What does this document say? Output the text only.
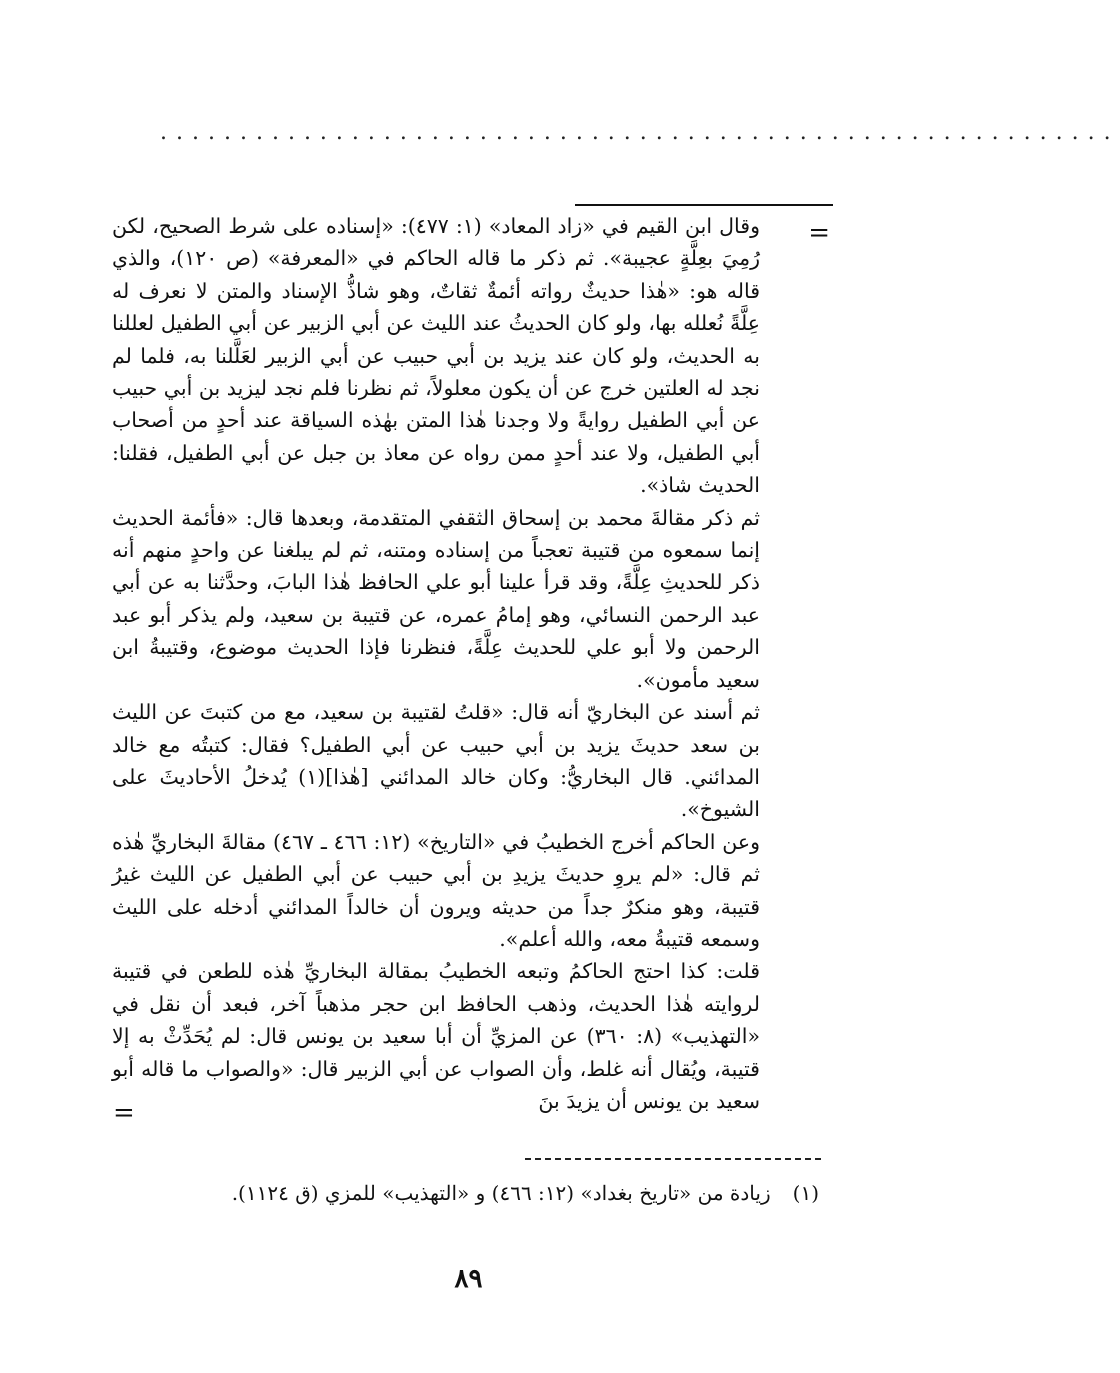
............................................................
=

وقال ابن القيم في «زاد المعاد» (١: ٤٧٧): «إسناده على شرط الصحيح، لكن رُمِيَ بعِلَّةٍ عجيبة». ثم ذكر ما قاله الحاكم في «المعرفة» (ص ١٢٠)، والذي قاله هو: «هٰذا حديثٌ رواته أئمةٌ ثقاتٌ، وهو شاذُّ الإسناد والمتن لا نعرف له عِلَّةً نُعلله بها، ولو كان الحديثُ عند الليث عن أبي الزبير عن أبي الطفيل لعللنا به الحديث، ولو كان عند يزيد بن أبي حبيب عن أبي الزبير لعَلَّلنا به، فلما لم نجد له العلتين خرج عن أن يكون معلولاً، ثم نظرنا فلم نجد ليزيد بن أبي حبيب عن أبي الطفيل روايةً ولا وجدنا هٰذا المتن بهٰذه السياقة عند أحدٍ من أصحاب أبي الطفيل، ولا عند أحدٍ ممن رواه عن معاذ بن جبل عن أبي الطفيل، فقلنا: الحديث شاذ».

ثم ذكر مقالةَ محمد بن إسحاق الثقفي المتقدمة، وبعدها قال: «فأئمة الحديث إنما سمعوه من قتيبة تعجباً من إسناده ومتنه، ثم لم يبلغنا عن واحدٍ منهم أنه ذكر للحديثِ عِلَّةً، وقد قرأ علينا أبو علي الحافظ هٰذا البابَ، وحدَّثنا به عن أبي عبد الرحمن النسائي، وهو إمامُ عمره، عن قتيبة بن سعيد، ولم يذكر أبو عبد الرحمن ولا أبو علي للحديث عِلَّةً، فنظرنا فإذا الحديث موضوع، وقتيبةُ ابن سعيد مأمون».

ثم أسند عن البخاريّ أنه قال: «قلتُ لقتيبة بن سعيد، مع من كتبتَ عن الليث بن سعد حديثَ يزيد بن أبي حبيب عن أبي الطفيل؟ فقال: كتبتُه مع خالد المدائني. قال البخاريُّ: وكان خالد المدائني [هٰذا](١) يُدخلُ الأحاديثَ على الشيوخ».

وعن الحاكم أخرج الخطيبُ في «التاريخ» (١٢: ٤٦٦ ـ ٤٦٧) مقالةَ البخاريِّ هٰذه ثم قال: «لم يروِ حديثَ يزيدِ بن أبي حبيب عن أبي الطفيل عن الليث غيرُ قتيبة، وهو منكرٌ جداً من حديثه ويرون أن خالداً المدائني أدخله على الليث وسمعه قتيبةُ معه، والله أعلم».

قلت: كذا احتج الحاكمُ وتبعه الخطيبُ بمقالة البخاريِّ هٰذه للطعن في قتيبة لروايته هٰذا الحديث، وذهب الحافظ ابن حجر مذهباً آخر، فبعد أن نقل في «التهذيب» (٨: ٣٦٠) عن المزيِّ أن أبا سعيد بن يونس قال: لم يُحَدِّثْ به إلا قتيبة، ويُقال أنه غلط، وأن الصواب عن أبي الزبير قال: «والصواب ما قاله أبو سعيد بن يونس أن يزيدَ بنَ

=
(١)زيادة من «تاريخ بغداد» (١٢: ٤٦٦) و «التهذيب» للمزي (ق ١١٢٤).
٨٩
